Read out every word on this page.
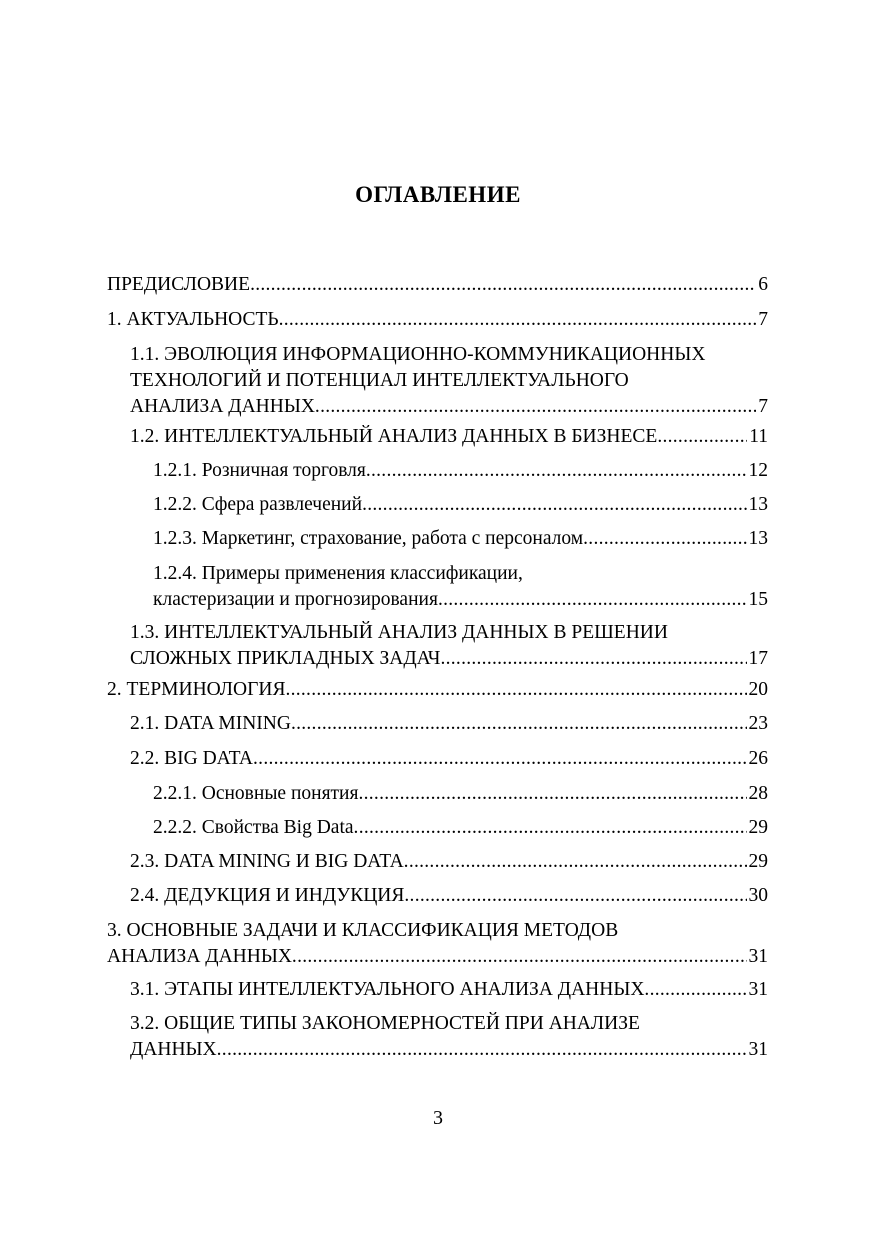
ОГЛАВЛЕНИЕ
ПРЕДИСЛОВИЕ . . .	6
1. АКТУАЛЬНОСТЬ . . .	7
1.1. ЭВОЛЮЦИЯ ИНФОРМАЦИОННО-КОММУНИКАЦИОННЫХ
ТЕХНОЛОГИЙ И ПОТЕНЦИАЛ ИНТЕЛЛЕКТУАЛЬНОГО
АНАЛИЗА ДАННЫХ . . .	7
1.2. ИНТЕЛЛЕКТУАЛЬНЫЙ АНАЛИЗ ДАННЫХ В БИЗНЕСЕ . . .	11
1.2.1. Розничная торговля . . .	12
1.2.2. Сфера развлечений . . .	13
1.2.3. Маркетинг, страхование, работа с персоналом . . .	13
1.2.4. Примеры применения классификации,
кластеризации и прогнозирования . . .	15
1.3. ИНТЕЛЛЕКТУАЛЬНЫЙ АНАЛИЗ ДАННЫХ В РЕШЕНИИ
СЛОЖНЫХ ПРИКЛАДНЫХ ЗАДАЧ . . .	17
2. ТЕРМИНОЛОГИЯ . . .	20
2.1. DATA MINING . . .	23
2.2. BIG DATA . . .	26
2.2.1. Основные понятия . . .	28
2.2.2. Свойства Big Data . . .	29
2.3. DATA MINING И BIG DATA . . .	29
2.4. ДЕДУКЦИЯ И ИНДУКЦИЯ . . .	30
3. ОСНОВНЫЕ ЗАДАЧИ И КЛАССИФИКАЦИЯ МЕТОДОВ
АНАЛИЗА ДАННЫХ . . .	31
3.1. ЭТАПЫ ИНТЕЛЛЕКТУАЛЬНОГО АНАЛИЗА ДАННЫХ . . .	31
3.2. ОБЩИЕ ТИПЫ ЗАКОНОМЕРНОСТЕЙ ПРИ АНАЛИЗЕ
ДАННЫХ . . .	31
3
